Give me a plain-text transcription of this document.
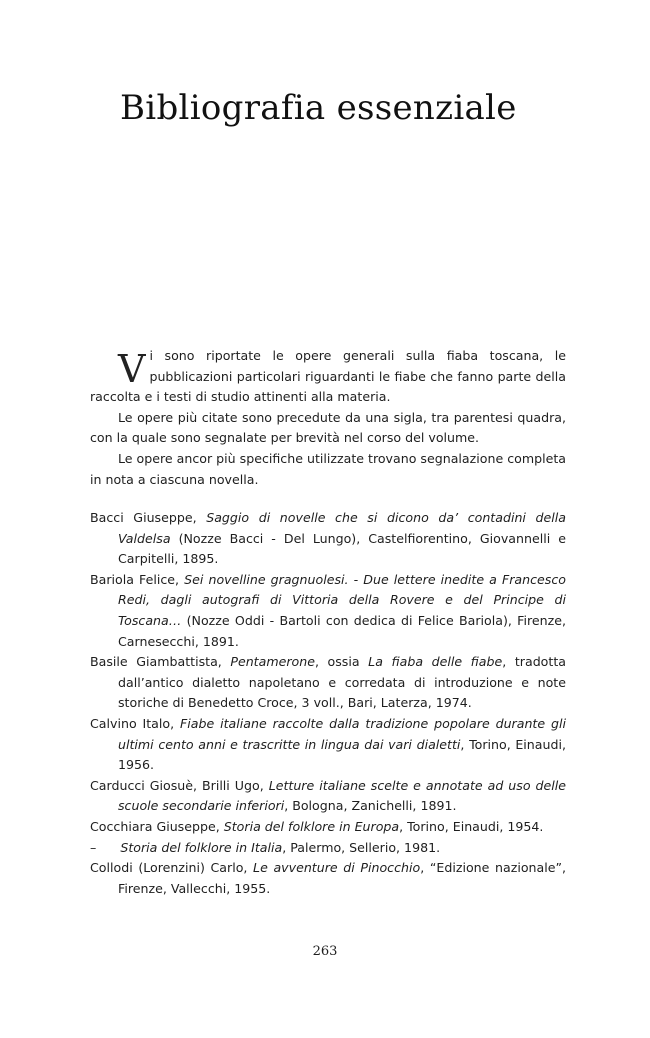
Bibliografia essenziale

Vi sono riportate le opere generali sulla fiaba toscana, le pubblicazioni particolari riguardanti le fiabe che fanno parte della raccolta e i testi di studio attinenti alla materia.

Le opere più citate sono precedute da una sigla, tra parentesi quadra, con la quale sono segnalate per brevità nel corso del volume.

Le opere ancor più specifiche utilizzate trovano segnalazione completa in nota a ciascuna novella.

Bacci Giuseppe, Saggio di novelle che si dicono da’ contadini della Valdelsa (Nozze Bacci - Del Lungo), Castelfiorentino, Giovannelli e Carpitelli, 1895.
Bariola Felice, Sei novelline gragnuolesi. - Due lettere inedite a Francesco Redi, dagli autografi di Vittoria della Rovere e del Principe di Toscana… (Nozze Oddi - Bartoli con dedica di Felice Bariola), Firenze, Carnesecchi, 1891.
Basile Giambattista, Pentamerone, ossia La fiaba delle fiabe, tradotta dall’antico dialetto napoletano e corredata di introduzione e note storiche di Benedetto Croce, 3 voll., Bari, Laterza, 1974.
Calvino Italo, Fiabe italiane raccolte dalla tradizione popolare durante gli ultimi cento anni e trascritte in lingua dai vari dialetti, Torino, Einaudi, 1956.
Carducci Giosuè, Brilli Ugo, Letture italiane scelte e annotate ad uso delle scuole secondarie inferiori, Bologna, Zanichelli, 1891.
Cocchiara Giuseppe, Storia del folklore in Europa, Torino, Einaudi, 1954.
–      Storia del folklore in Italia, Palermo, Sellerio, 1981.
Collodi (Lorenzini) Carlo, Le avventure di Pinocchio, “Edizione nazionale”, Firenze, Vallecchi, 1955.
263
